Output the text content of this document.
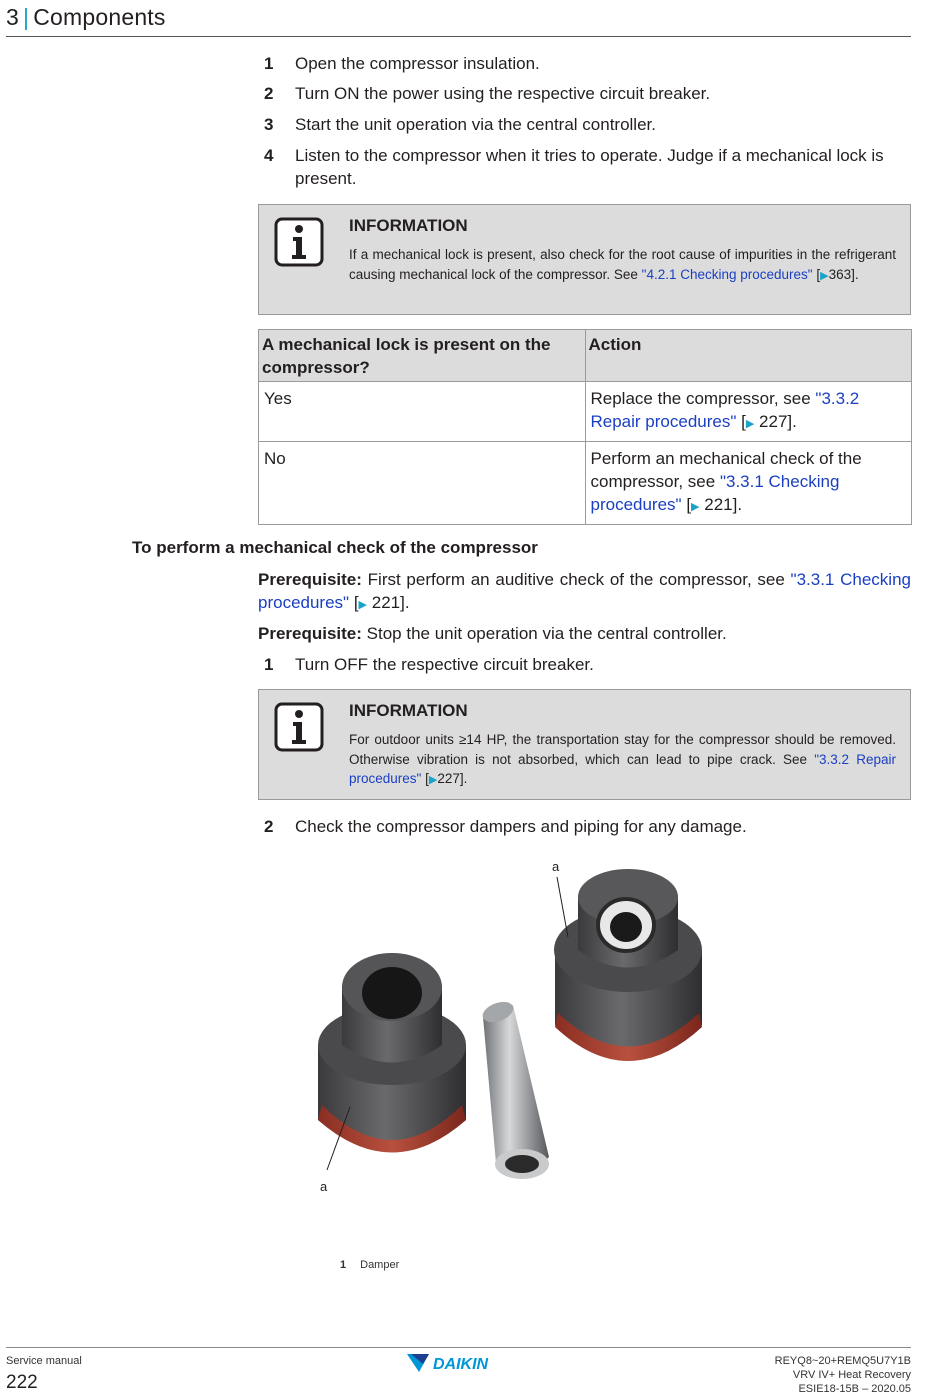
3 | Components
1 Open the compressor insulation.
2 Turn ON the power using the respective circuit breaker.
3 Start the unit operation via the central controller.
4 Listen to the compressor when it tries to operate. Judge if a mechanical lock is present.
INFORMATION
If a mechanical lock is present, also check for the root cause of impurities in the refrigerant causing mechanical lock of the compressor. See "4.2.1 Checking procedures" [▶363].
A mechanical lock is present on the compressor?	Action
Yes	Replace the compressor, see "3.3.2 Repair procedures" [▶ 227].
No	Perform an mechanical check of the compressor, see "3.3.1 Checking procedures" [▶ 221].
To perform a mechanical check of the compressor
Prerequisite: First perform an auditive check of the compressor, see "3.3.1 Checking procedures" [▶ 221].
Prerequisite: Stop the unit operation via the central controller.
1 Turn OFF the respective circuit breaker.
INFORMATION
For outdoor units ≥14 HP, the transportation stay for the compressor should be removed. Otherwise vibration is not absorbed, which can lead to pipe crack. See "3.3.2 Repair procedures" [▶227].
2 Check the compressor dampers and piping for any damage.
a
a
1 Damper
Service manual
222
DAIKIN	REYQ8~20+REMQ5U7Y1B
VRV IV+ Heat Recovery
ESIE18-15B – 2020.05
